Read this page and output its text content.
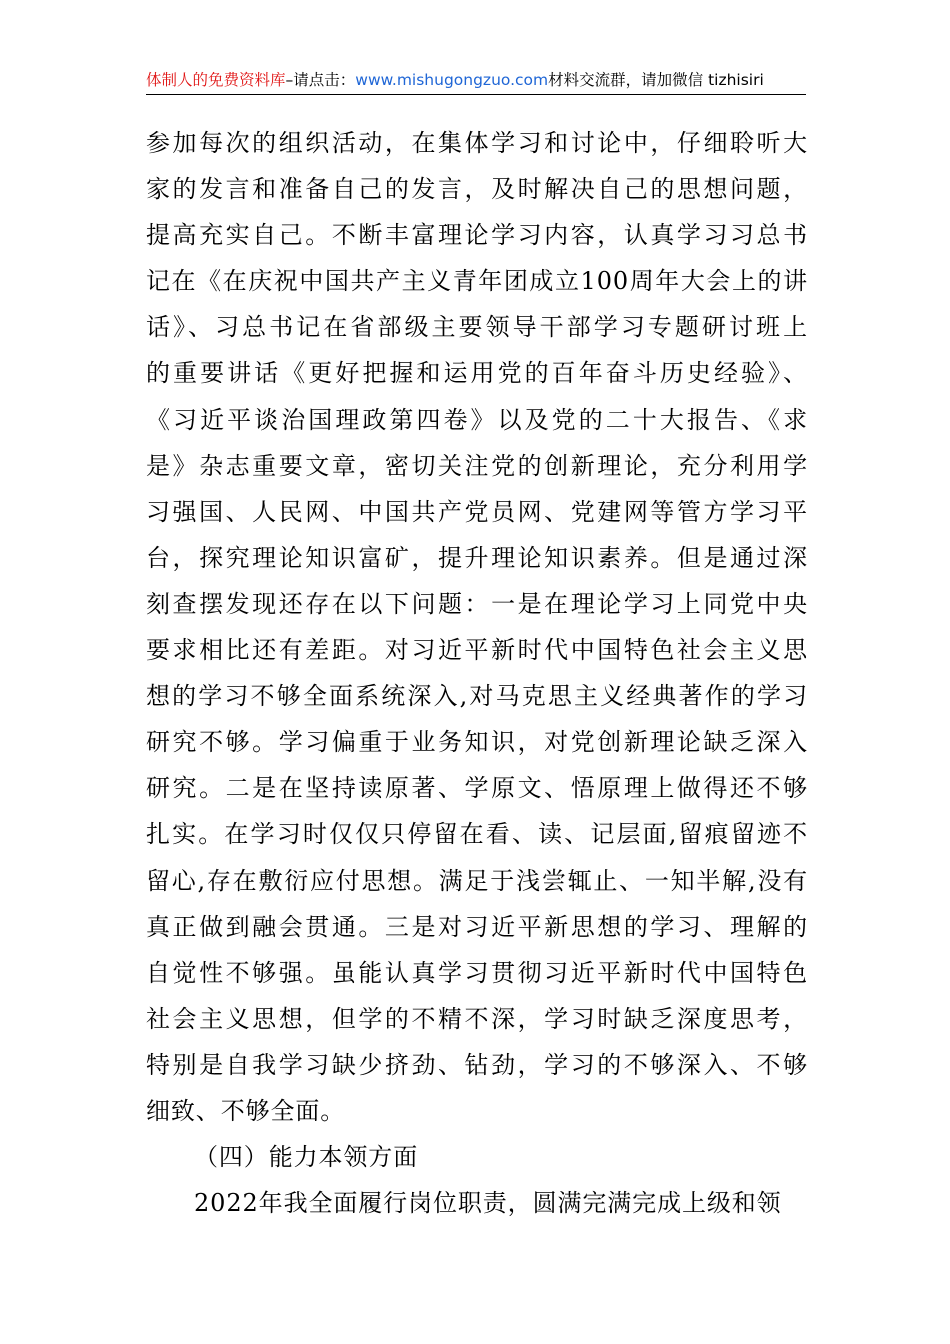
体制人的免费资料库–请点击：www.mishugongzuo.com材料交流群，请加微信 tizhisiri
参加每次的组织活动，在集体学习和讨论中，仔细聆听大
家的发言和准备自己的发言，及时解决自己的思想问题，
提高充实自己。不断丰富理论学习内容，认真学习习总书
记在《在庆祝中国共产主义青年团成立100周年大会上的讲
话》、习总书记在省部级主要领导干部学习专题研讨班上
的重要讲话《更好把握和运用党的百年奋斗历史经验》、
《习近平谈治国理政第四卷》以及党的二十大报告、《求
是》杂志重要文章，密切关注党的创新理论，充分利用学
习强国、人民网、中国共产党员网、党建网等管方学习平
台，探究理论知识富矿，提升理论知识素养。但是通过深
刻查摆发现还存在以下问题：一是在理论学习上同党中央
要求相比还有差距。对习近平新时代中国特色社会主义思
想的学习不够全面系统深入,对马克思主义经典著作的学习
研究不够。学习偏重于业务知识，对党创新理论缺乏深入
研究。二是在坚持读原著、学原文、悟原理上做得还不够
扎实。在学习时仅仅只停留在看、读、记层面,留痕留迹不
留心,存在敷衍应付思想。满足于浅尝辄止、一知半解,没有
真正做到融会贯通。三是对习近平新思想的学习、理解的
自觉性不够强。虽能认真学习贯彻习近平新时代中国特色
社会主义思想，但学的不精不深，学习时缺乏深度思考，
特别是自我学习缺少挤劲、钻劲，学习的不够深入、不够
细致、不够全面。
（四）能力本领方面
2022年我全面履行岗位职责，圆满完满完成上级和领
